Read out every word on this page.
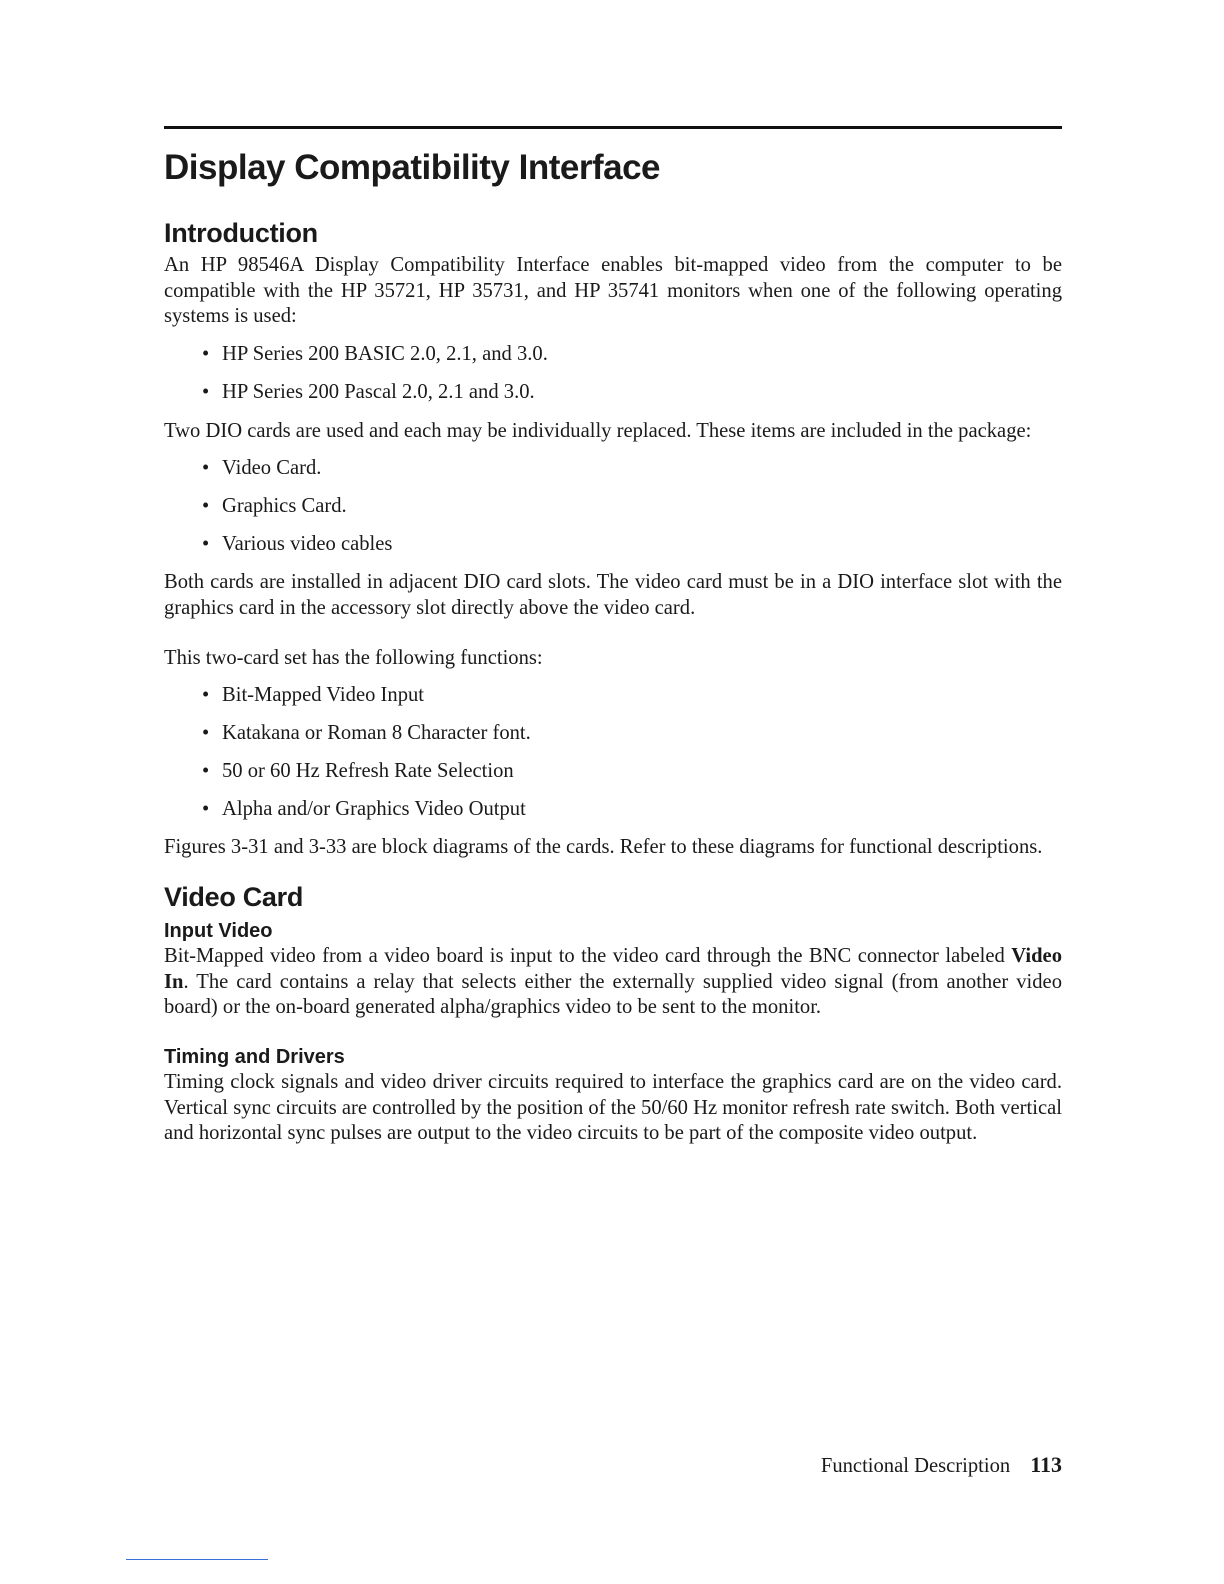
Display Compatibility Interface
Introduction

An HP 98546A Display Compatibility Interface enables bit-mapped video from the computer to be compatible with the HP 35721, HP 35731, and HP 35741 monitors when one of the following operating systems is used:

• HP Series 200 BASIC 2.0, 2.1, and 3.0.
• HP Series 200 Pascal 2.0, 2.1 and 3.0.

Two DIO cards are used and each may be individually replaced. These items are included in the package:

• Video Card.
• Graphics Card.
• Various video cables

Both cards are installed in adjacent DIO card slots. The video card must be in a DIO interface slot with the graphics card in the accessory slot directly above the video card.

This two-card set has the following functions:

• Bit-Mapped Video Input
• Katakana or Roman 8 Character font.
• 50 or 60 Hz Refresh Rate Selection
• Alpha and/or Graphics Video Output

Figures 3-31 and 3-33 are block diagrams of the cards. Refer to these diagrams for functional descriptions.

Video Card
Input Video

Bit-Mapped video from a video board is input to the video card through the BNC connector labeled Video In. The card contains a relay that selects either the externally supplied video signal (from another video board) or the on-board generated alpha/graphics video to be sent to the monitor.

Timing and Drivers

Timing clock signals and video driver circuits required to interface the graphics card are on the video card. Vertical sync circuits are controlled by the position of the 50/60 Hz monitor refresh rate switch. Both vertical and horizontal sync pulses are output to the video circuits to be part of the composite video output.

Functional Description 113
